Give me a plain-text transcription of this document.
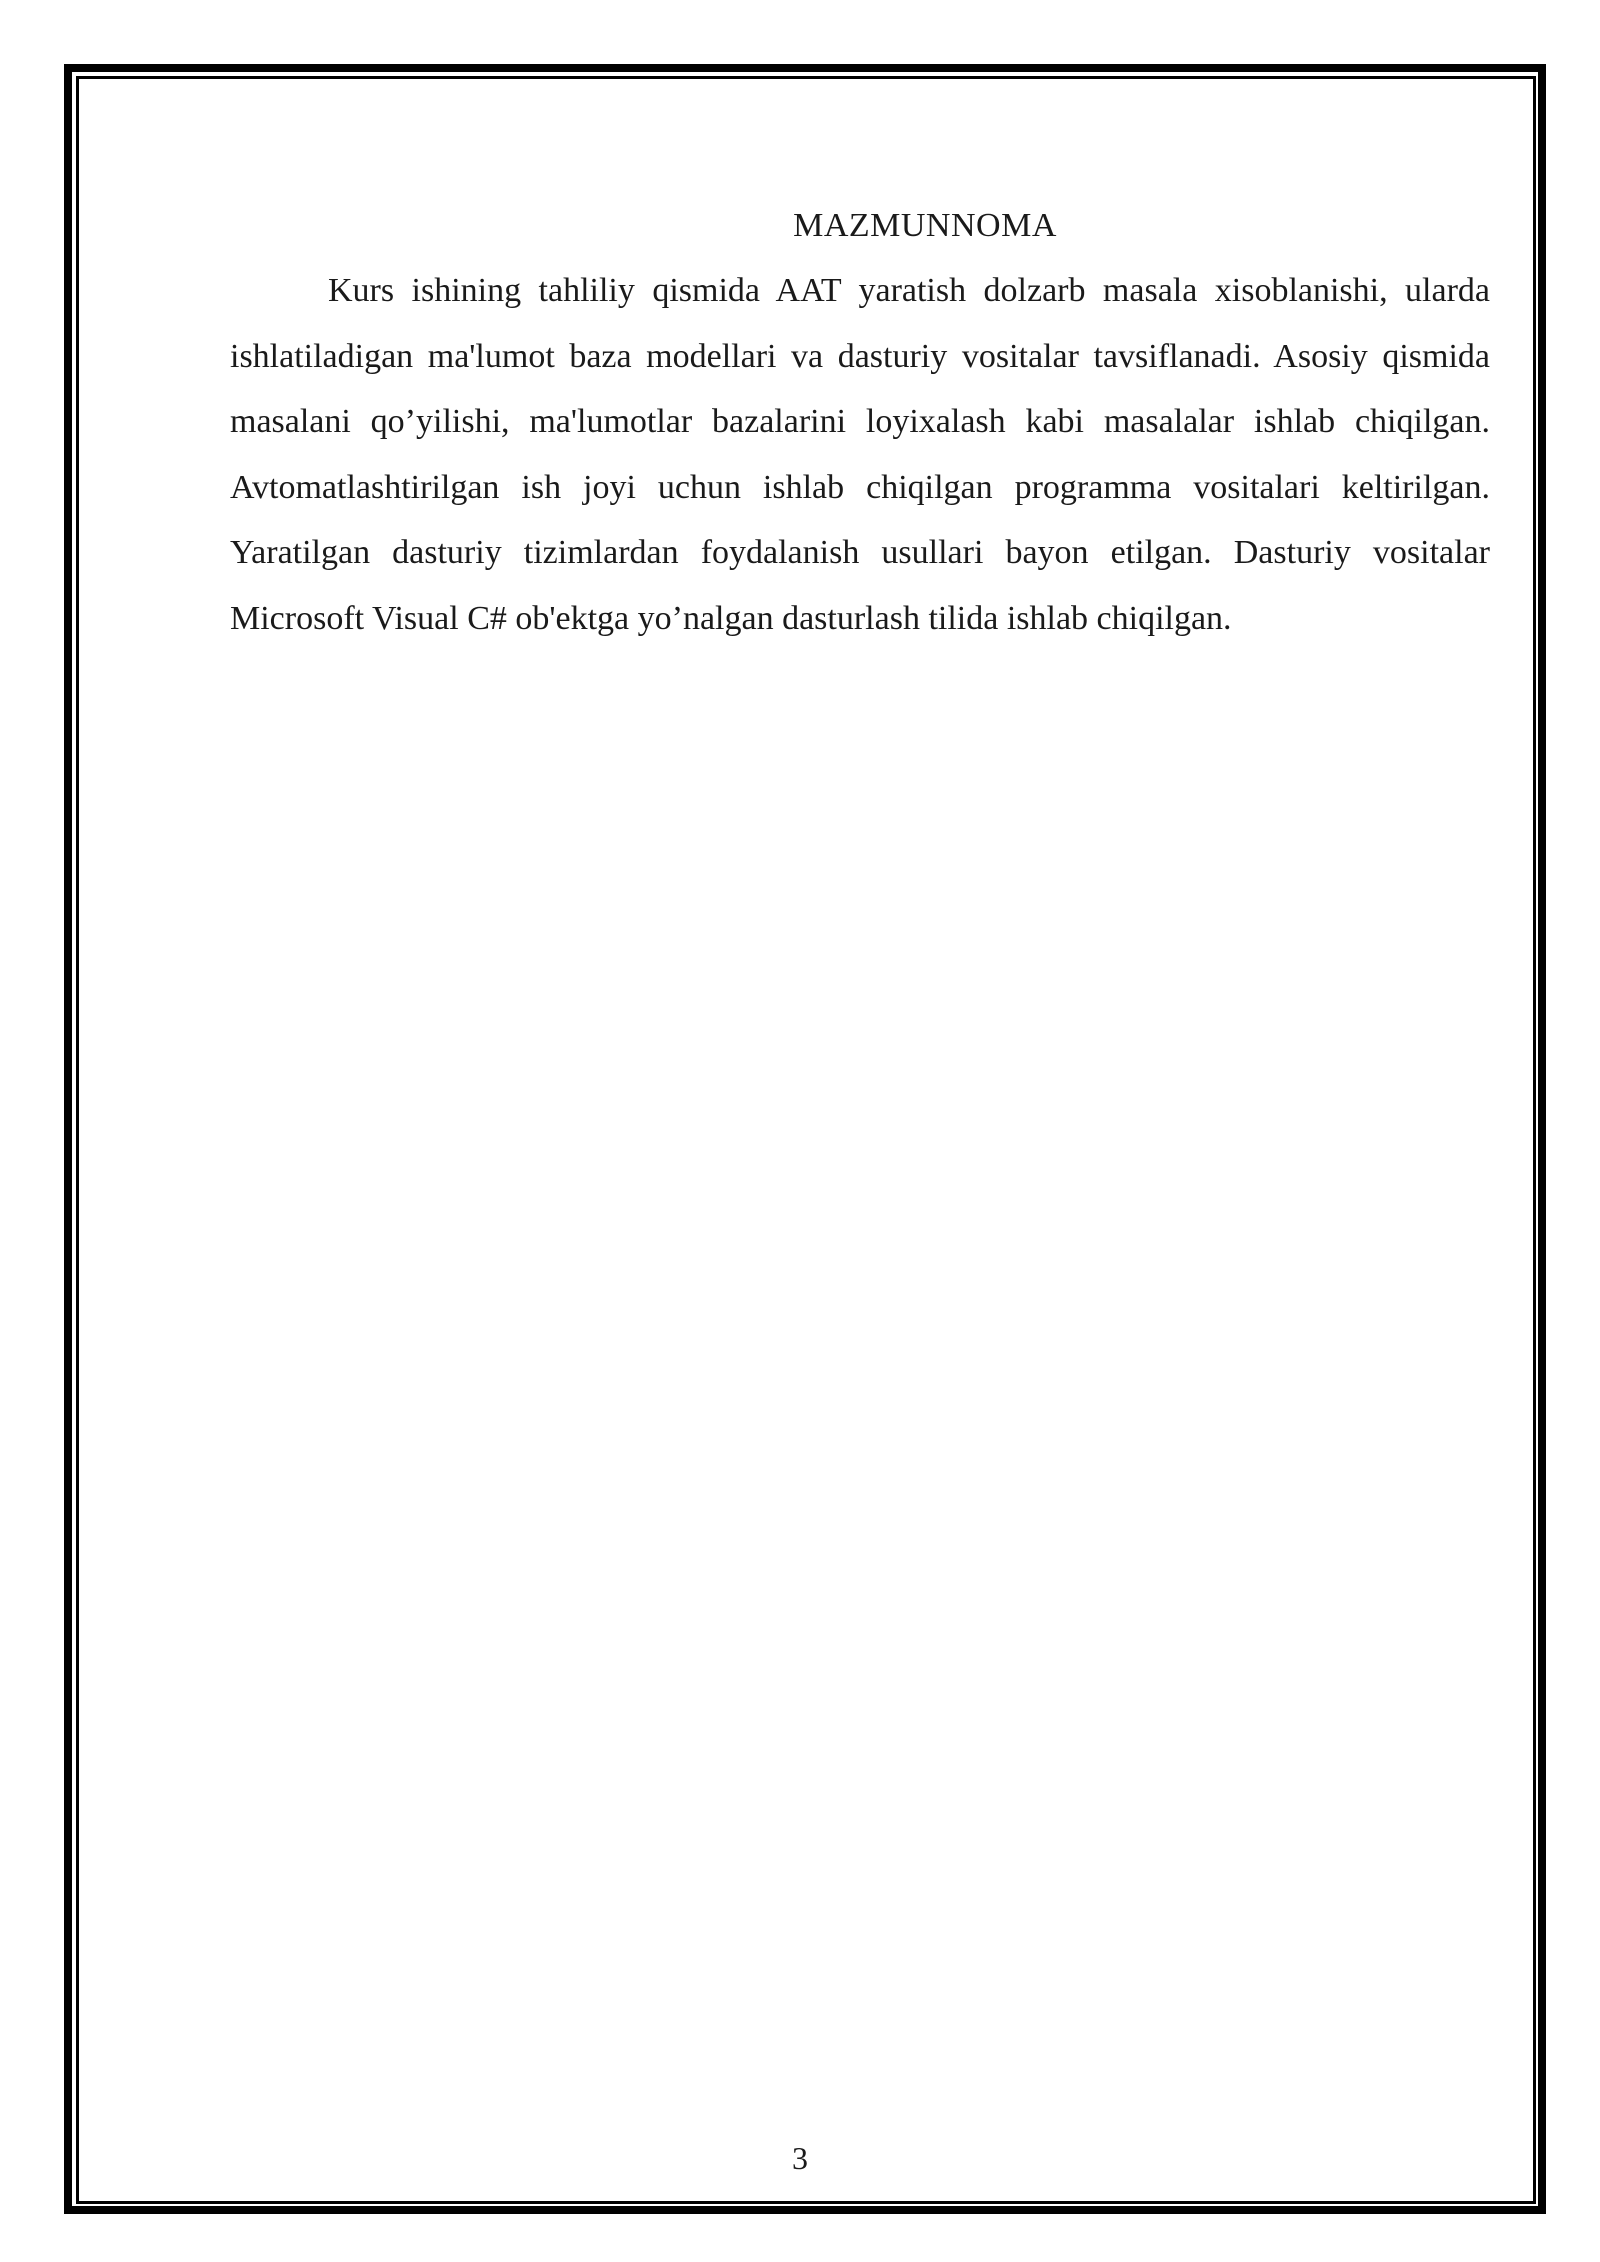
MAZMUNNOMA

Kurs ishining tahliliy qismida AAT yaratish dolzarb masala xisoblanishi, ularda ishlatiladigan ma'lumot baza modellari va dasturiy vositalar tavsiflanadi. Asosiy qismida masalani qo’yilishi, ma'lumotlar bazalarini loyixalash kabi masalalar ishlab chiqilgan. Avtomatlashtirilgan ish joyi uchun ishlab chiqilgan programma vositalari keltirilgan. Yaratilgan dasturiy tizimlardan foydalanish usullari bayon etilgan. Dasturiy vositalar Microsoft Visual C# ob'ektga yo’nalgan dasturlash tilida ishlab chiqilgan.

3
